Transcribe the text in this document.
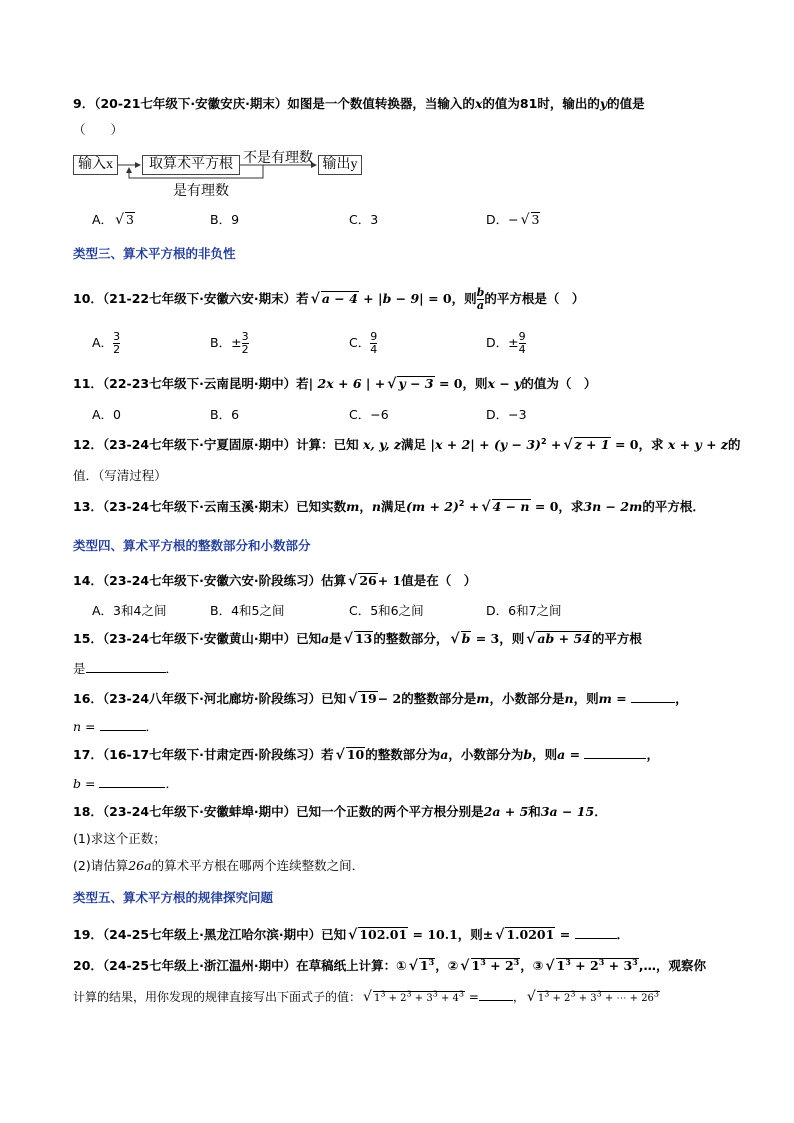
9．（20-21七年级下·安徽安庆·期末）如图是一个数值转换器，当输入的x的值为81时，输出的y的值是
（　　）
输入x	取算术平方根 不是有理数 输出y
是有理数
A． √ 3	B．9	C．3	D．− √ 3
类型三、算术平方根的非负性
10．（21-22七年级下·安徽六安·期末）若 √ a − 4 + |b − 9| = 0，则 $\frac{b}{a}$ 的平方根是（　）
A． $\frac{3}{2}$	B．± $\frac{3}{2}$	C． $\frac{9}{4}$	D．± $\frac{9}{4}$
11．（22-23七年级下·云南昆明·期中）若| 2x + 6 | + √ y − 3 = 0，则x − y的值为（　）
A．0	B．6	C．−6	D．−3
12．（23-24七年级下·宁夏固原·期中）计算：已知 x, y, z满足 $|x + 2| + (y - 3)^2$ + √ z + 1 = 0，求 x + y + z的
值．（写清过程）
13．（23-24七年级下·云南玉溪·期末）已知实数m，n满足$(m + 2)^2$ + √ 4 − n = 0，求3n − 2m的平方根．
类型四、算术平方根的整数部分和小数部分
14．（23-24七年级下·安徽六安·阶段练习）估算 √ 26+ 1值是在（　）
A．3和4之间	B．4和5之间	C．5和6之间	D．6和7之间
15．（23-24七年级下·安徽黄山·期中）已知a是 √ 13的整数部分， √ b = 3，则 √ ab + 54的平方根
是	．
16．（23-24八年级下·河北廊坊·阶段练习）已知 √ 19− 2的整数部分是m，小数部分是n，则m =	，
n =	．
17．（16-17七年级下·甘肃定西·阶段练习）若 √ 10的整数部分为a，小数部分为b，则a =	，
b =	．
18．（23-24七年级下·安徽蚌埠·期中）已知一个正数的两个平方根分别是2a + 5和3a − 15．
(1)求这个正数；
(2)请估算26a的算术平方根在哪两个连续整数之间．
类型五、算术平方根的规律探究问题
19．（24-25七年级上·黑龙江哈尔滨·期中）已知 √ 102.01 = 10.1，则± √ 1.0201 =	．
20．（24-25七年级上·浙江温州·期中）在草稿纸上计算：① √ $1^3$，② √ $1^3 + 2^3$，③ √ $1^3 + 2^3$ + $3^3,\dots$，观察你
计算的结果，用你发现的规律直接写出下面式子的值： √ $1^3 + 2^3 + 3^3 + 4^3$ =	， √ $1^3 + 2^3 + 3^3$ + ⋯ + $26^3$
